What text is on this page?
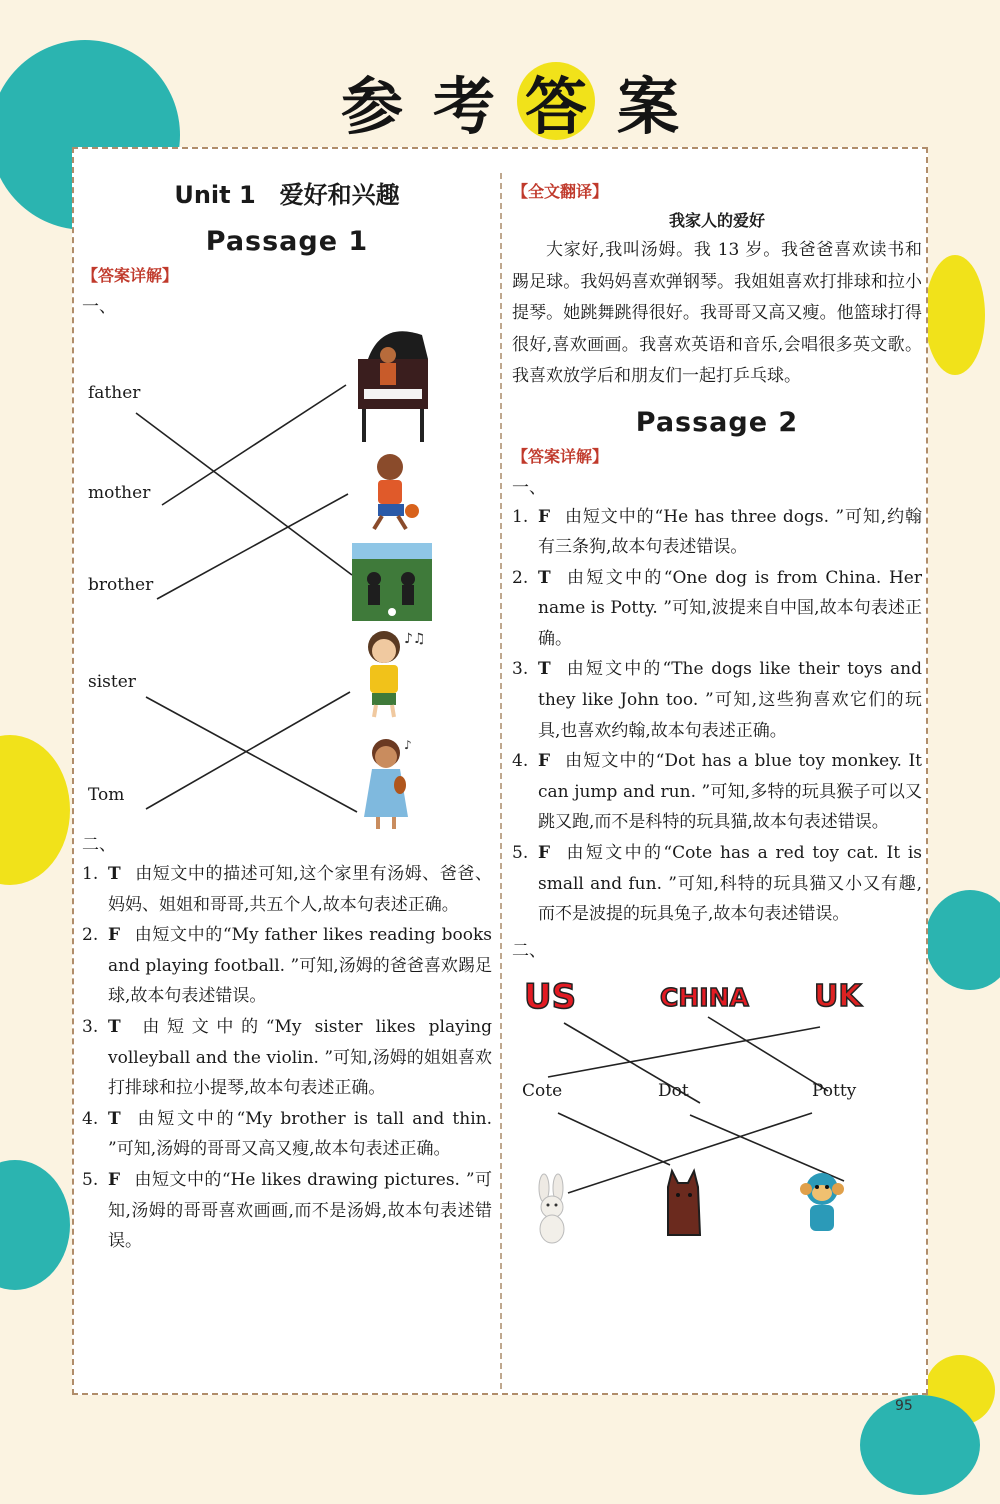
参 考 答 案
Unit 1　爱好和兴趣
Passage 1
【答案详解】
一、
father
mother
brother
sister
Tom
♪♫
♪
二、
1. T 由短文中的描述可知,这个家里有汤姆、爸爸、妈妈、姐姐和哥哥,共五个人,故本句表述正确。
2. F 由短文中的“My father likes reading books and playing football. ”可知,汤姆的爸爸喜欢踢足球,故本句表述错误。
3. T 由短文中的“My sister likes playing volleyball and the violin. ”可知,汤姆的姐姐喜欢打排球和拉小提琴,故本句表述正确。
4. T 由短文中的“My brother is tall and thin. ”可知,汤姆的哥哥又高又瘦,故本句表述正确。
5. F 由短文中的“He likes drawing pictures. ”可知,汤姆的哥哥喜欢画画,而不是汤姆,故本句表述错误。
【全文翻译】
我家人的爱好

大家好,我叫汤姆。我 13 岁。我爸爸喜欢读书和踢足球。我妈妈喜欢弹钢琴。我姐姐喜欢打排球和拉小提琴。她跳舞跳得很好。我哥哥又高又瘦。他篮球打得很好,喜欢画画。我喜欢英语和音乐,会唱很多英文歌。我喜欢放学后和朋友们一起打乒乓球。

Passage 2
【答案详解】
一、
1. F 由短文中的“He has three dogs. ”可知,约翰有三条狗,故本句表述错误。
2. T 由短文中的“One dog is from China. Her name is Potty. ”可知,波提来自中国,故本句表述正确。
3. T 由短文中的“The dogs like their toys and they like John too. ”可知,这些狗喜欢它们的玩具,也喜欢约翰,故本句表述正确。
4. F 由短文中的“Dot has a blue toy monkey. It can jump and run. ”可知,多特的玩具猴子可以又跳又跑,而不是科特的玩具猫,故本句表述错误。
5. F 由短文中的“Cote has a red toy cat. It is small and fun. ”可知,科特的玩具猫又小又有趣,而不是波提的玩具兔子,故本句表述错误。
二、
US	CHINA UK
Cote	Dot	Potty
95
